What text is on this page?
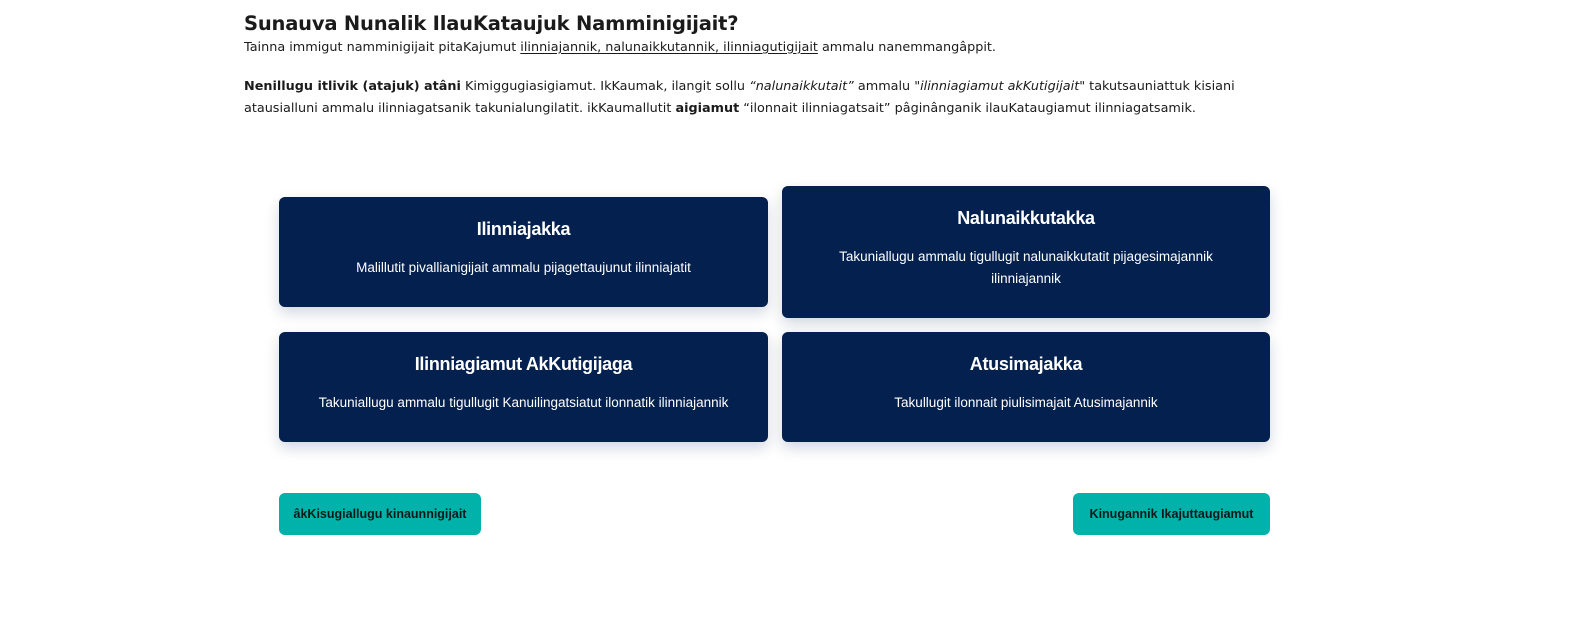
Sunauva Nunalik IlauKataujuk Namminigijait?

Tainna immigut namminigijait pitaKajumut ilinniajannik, nalunaikkutannik, ilinniagutigijait ammalu nanemmangâppit.

Nenillugu itlivik (atajuk) atâni Kimiggugiasigiamut. IkKaumak, ilangit sollu “nalunaikkutait” ammalu "ilinniagiamut akKutigijait" takutsauniattuk kisiani atausialluni ammalu ilinniagatsanik takunialungilatit. ikKaumallutit aigiamut “ilonnait ilinniagatsait” pâginânganik ilauKataugiamut ilinniagatsamik.

Ilinniajakka
Malillutit pivallianigijait ammalu pijagettaujunut ilinniajatit
Nalunaikkutakka
Takuniallugu ammalu tigullugit nalunaikkutatit pijagesimajannik ilinniajannik
Ilinniagiamut AkKutigijaga
Takuniallugu ammalu tigullugit Kanuilingatsiatut ilonnatik ilinniajannik
Atusimajakka
Takullugit ilonnait piulisimajait Atusimajannik
âkKisugiallugu kinaunnigijait	Kinugannik Ikajuttaugiamut
